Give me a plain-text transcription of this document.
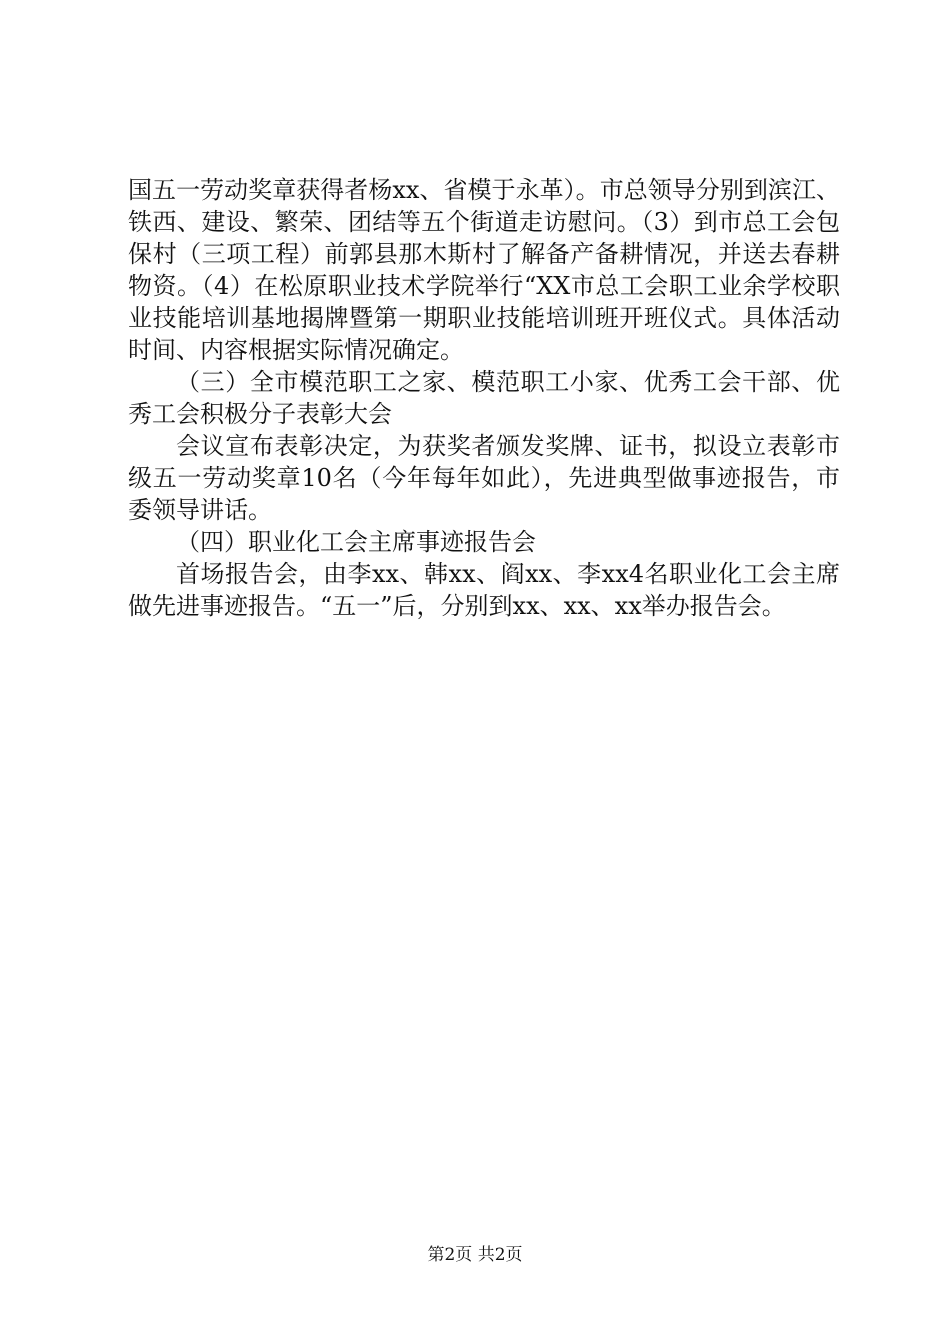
国五一劳动奖章获得者杨xx、省模于永革）。市总领导分别到滨江、铁西、建设、繁荣、团结等五个街道走访慰问。（3）到市总工会包保村（三项工程）前郭县那木斯村了解备产备耕情况，并送去春耕物资。（4）在松原职业技术学院举行“XX市总工会职工业余学校职业技能培训基地揭牌暨第一期职业技能培训班开班仪式。具体活动时间、内容根据实际情况确定。

（三）全市模范职工之家、模范职工小家、优秀工会干部、优秀工会积极分子表彰大会

会议宣布表彰决定，为获奖者颁发奖牌、证书，拟设立表彰市级五一劳动奖章10名（今年每年如此），先进典型做事迹报告，市委领导讲话。

（四）职业化工会主席事迹报告会

首场报告会，由李xx、韩xx、阎xx、李xx4名职业化工会主席做先进事迹报告。“五一”后，分别到xx、xx、xx举办报告会。

第2页 共2页
